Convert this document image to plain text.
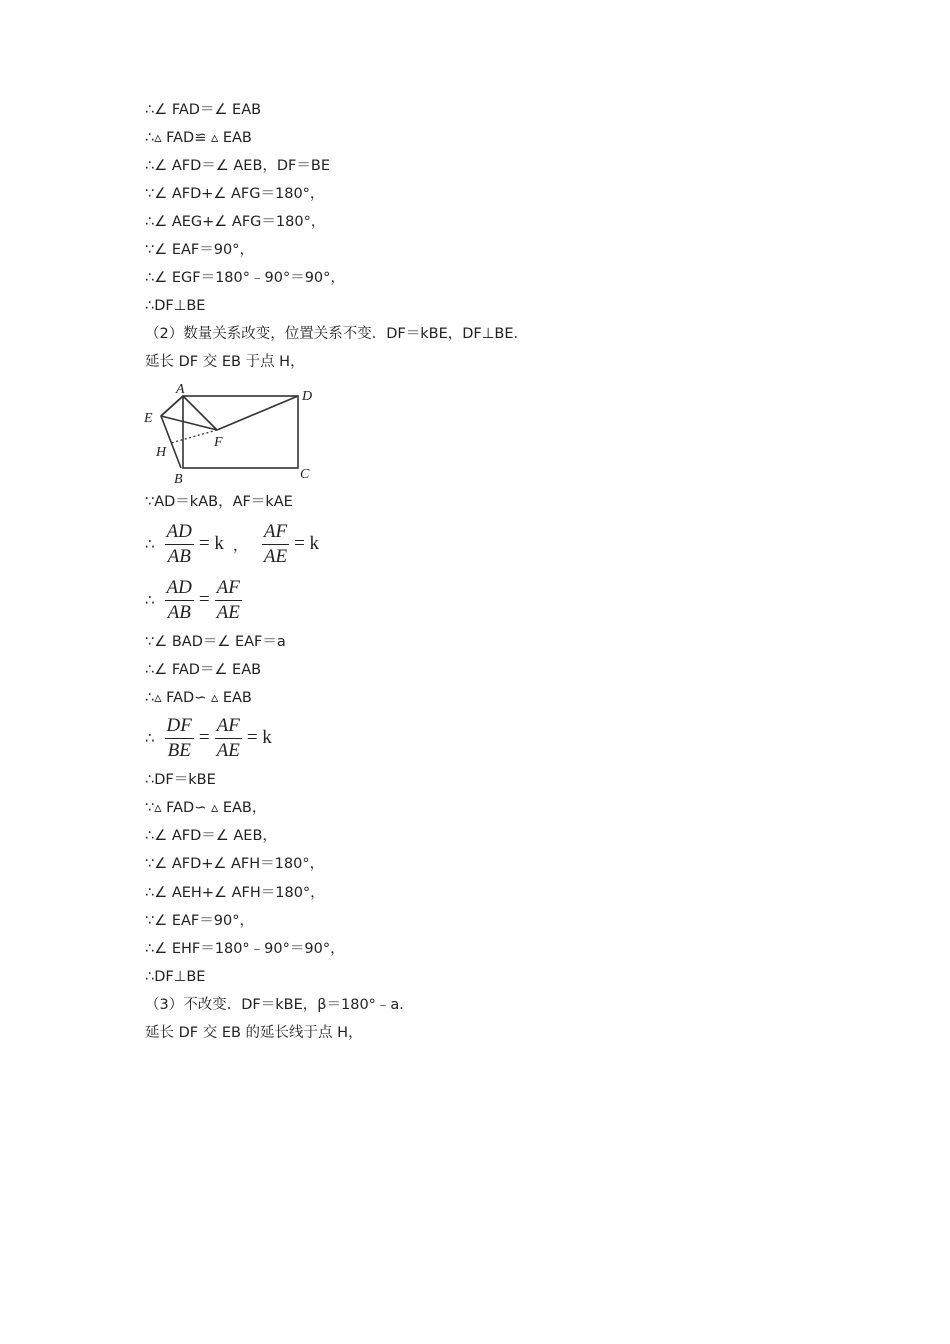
∴∠ FAD＝∠ EAB
∴▵ FAD≌ ▵ EAB
∴∠ AFD＝∠ AEB，DF＝BE
∵∠ AFD+∠ AFG＝180°，
∴∠ AEG+∠ AFG＝180°，
∵∠ EAF＝90°，
∴∠ EGF＝180°﹣90°＝90°，
∴DF⊥BE
（2）数量关系改变，位置关系不变．DF＝kBE，DF⊥BE．
延长 DF 交 EB 于点 H，
A
B	C
D
E
F
H
∵AD＝kAB，AF＝kAE
∴ $\frac{AD}{AB} = k$ ， $\frac{AF}{AE} = k$
∴ $\frac{AD}{AB} = \frac{AF}{AE}$
∵∠ BAD＝∠ EAF＝a
∴∠ FAD＝∠ EAB
∴▵ FAD∽ ▵ EAB
∴ $\frac{DF}{BE} = \frac{AF}{AE} = k$
∴DF＝kBE
∵▵ FAD∽ ▵ EAB，
∴∠ AFD＝∠ AEB，
∵∠ AFD+∠ AFH＝180°，
∴∠ AEH+∠ AFH＝180°，
∵∠ EAF＝90°，
∴∠ EHF＝180°﹣90°＝90°，
∴DF⊥BE
（3）不改变．DF＝kBE，β＝180°﹣a．
延长 DF 交 EB 的延长线于点 H，
